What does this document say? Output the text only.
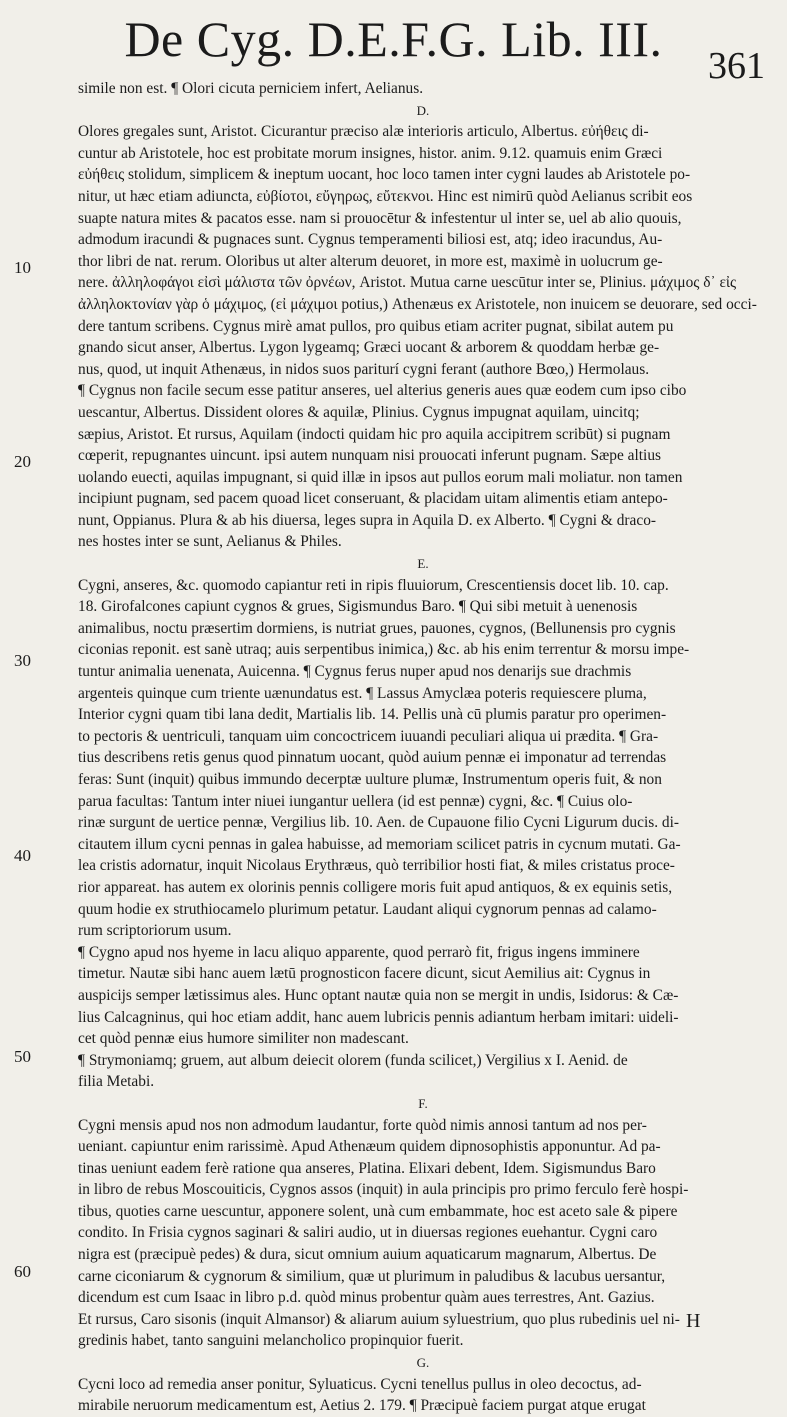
De Cyg. D.E.F.G. Lib. III.	361
10
20
30
40
50
60
simile non est. ¶ Olori cicuta perniciem infert, Aelianus.
D.
Olores gregales sunt, Aristot. Cicurantur præciso alæ interioris articulo, Albertus. εὐήθεις di-
cuntur ab Aristotele, hoc est probitate morum insignes, histor. anim. 9.12. quamuis enim Græci
εὐήθεις stolidum, simplicem & ineptum uocant, hoc loco tamen inter cygni laudes ab Aristotele po-
nitur, ut hæc etiam adiuncta, εὐβίοτοι, εὔγηρως, εὔτεκνοι. Hinc est nimirū quòd Aelianus scribit eos
suapte natura mites & pacatos esse. nam si prouocētur & infestentur ul inter se, uel ab alio quouis,
admodum iracundi & pugnaces sunt. Cygnus temperamenti biliosi est, atq; ideo iracundus, Au-
thor libri de nat. rerum. Oloribus ut alter alterum deuoret, in more est, maximè in uolucrum ge-
nere. ἀλληλοφάγοι εἰσὶ μάλιστα τῶν ὀρνέων, Aristot. Mutua carne uescūtur inter se, Plinius. μάχιμος δ᾽ εἰς
ἀλληλοκτονίαν γὰρ ὁ μάχιμος, (εἰ μάχιμοι potius,) Athenæus ex Aristotele, non inuicem se deuorare, sed occi-
dere tantum scribens. Cygnus mirè amat pullos, pro quibus etiam acriter pugnat, sibilat autem pu
gnando sicut anser, Albertus. Lygon lygeamq; Græci uocant & arborem & quoddam herbæ ge-
nus, quod, ut inquit Athenæus, in nidos suos pariturí cygni ferant (authore Bœo,) Hermolaus.
¶ Cygnus non facile secum esse patitur anseres, uel alterius generis aues quæ eodem cum ipso cibo
uescantur, Albertus. Dissident olores & aquilæ, Plinius. Cygnus impugnat aquilam, uincitq;
sæpius, Aristot. Et rursus, Aquilam (indocti quidam hic pro aquila accipitrem scribūt) si pugnam
cœperit, repugnantes uincunt. ipsi autem nunquam nisi prouocati inferunt pugnam. Sæpe altius
uolando euecti, aquilas impugnant, si quid illæ in ipsos aut pullos eorum mali moliatur. non tamen
incipiunt pugnam, sed pacem quoad licet conseruant, & placidam uitam alimentis etiam antepo-
nunt, Oppianus. Plura & ab his diuersa, leges supra in Aquila D. ex Alberto. ¶ Cygni & draco-
nes hostes inter se sunt, Aelianus & Philes.
E.
Cygni, anseres, &c. quomodo capiantur reti in ripis fluuiorum, Crescentiensis docet lib. 10. cap.
18. Girofalcones capiunt cygnos & grues, Sigismundus Baro. ¶ Qui sibi metuit à uenenosis
animalibus, noctu præsertim dormiens, is nutriat grues, pauones, cygnos, (Bellunensis pro cygnis
ciconias reponit. est sanè utraq; auis serpentibus inimica,) &c. ab his enim terrentur & morsu impe-
tuntur animalia uenenata, Auicenna. ¶ Cygnus ferus nuper apud nos denarijs sue drachmis
argenteis quinque cum triente uænundatus est. ¶ Lassus Amyclæa poteris requiescere pluma,
Interior cygni quam tibi lana dedit, Martialis lib. 14. Pellis unà cū plumis paratur pro operimen-
to pectoris & uentriculi, tanquam uim concoctricem iuuandi peculiari aliqua ui prædita. ¶ Gra-
tius describens retis genus quod pinnatum uocant, quòd auium pennæ ei imponatur ad terrendas
feras: Sunt (inquit) quibus immundo decerptæ uulture plumæ, Instrumentum operis fuit, & non
parua facultas: Tantum inter niuei iungantur uellera (id est pennæ) cygni, &c. ¶ Cuius olo-
rinæ surgunt de uertice pennæ, Vergilius lib. 10. Aen. de Cupauone filio Cycni Ligurum ducis. di-
citautem illum cycni pennas in galea habuisse, ad memoriam scilicet patris in cycnum mutati. Ga-
lea cristis adornatur, inquit Nicolaus Erythræus, quò terribilior hosti fiat, & miles cristatus proce-
rior appareat. has autem ex olorinis pennis colligere moris fuit apud antiquos, & ex equinis setis,
quum hodie ex struthiocamelo plurimum petatur. Laudant aliqui cygnorum pennas ad calamo-
rum scriptoriorum usum.
¶ Cygno apud nos hyeme in lacu aliquo apparente, quod perrarò fit, frigus ingens imminere
timetur. Nautæ sibi hanc auem lætū prognosticon facere dicunt, sicut Aemilius ait: Cygnus in
auspicijs semper lætissimus ales. Hunc optant nautæ quia non se mergit in undis, Isidorus: & Cæ-
lius Calcagninus, qui hoc etiam addit, hanc auem lubricis pennis adiantum herbam imitari: uideli-
cet quòd pennæ eius humore similiter non madescant.
¶ Strymoniamq; gruem, aut album deiecit olorem (funda scilicet,) Vergilius x I. Aenid. de
filia Metabi.
F.
Cygni mensis apud nos non admodum laudantur, forte quòd nimis annosi tantum ad nos per-
ueniant. capiuntur enim rarissimè. Apud Athenæum quidem dipnosophistis apponuntur. Ad pa-
tinas ueniunt eadem ferè ratione qua anseres, Platina. Elixari debent, Idem. Sigismundus Baro
in libro de rebus Moscouiticis, Cygnos assos (inquit) in aula principis pro primo ferculo ferè hospi-
tibus, quoties carne uescuntur, apponere solent, unà cum embammate, hoc est aceto sale & pipere
condito. In Frisia cygnos saginari & saliri audio, ut in diuersas regiones euehantur. Cygni caro
nigra est (præcipuè pedes) & dura, sicut omnium auium aquaticarum magnarum, Albertus. De
carne ciconiarum & cygnorum & similium, quæ ut plurimum in paludibus & lacubus uersantur,
dicendum est cum Isaac in libro p.d. quòd minus probentur quàm aues terrestres, Ant. Gazius.
Et rursus, Caro sisonis (inquit Almansor) & aliarum auium syluestrium, quo plus rubedinis uel ni-
gredinis habet, tanto sanguini melancholico propinquior fuerit.
G.
Cycni loco ad remedia anser ponitur, Syluaticus. Cycni tenellus pullus in oleo decoctus, ad-
mirabile neruorum medicamentum est, Aetius 2. 179. ¶ Præcipuè faciem purgat atque erugat
H
